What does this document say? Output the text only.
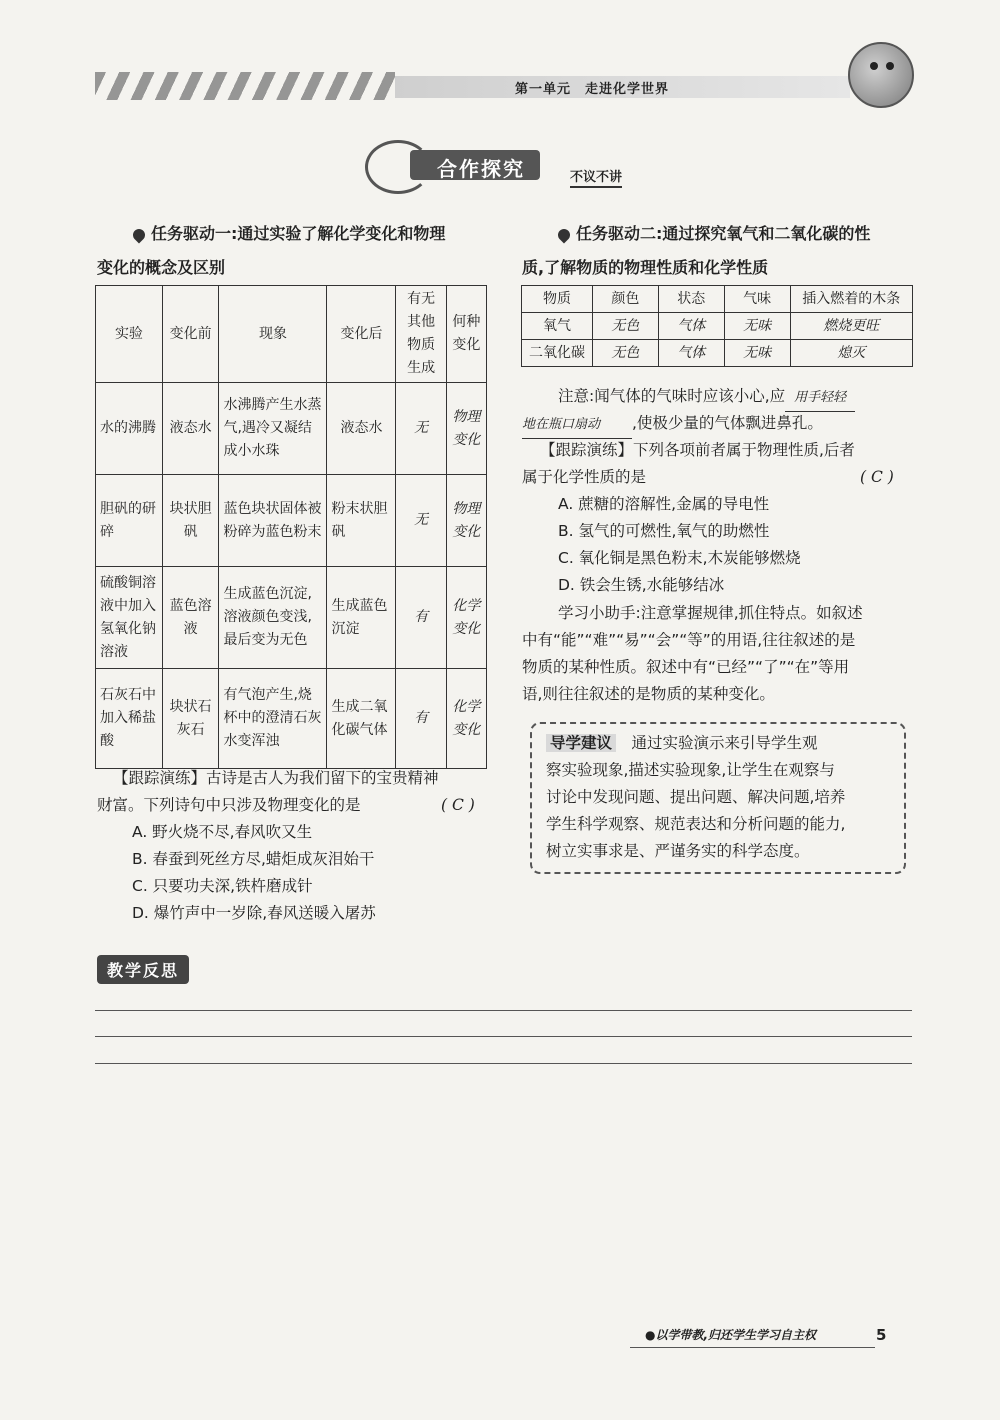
第一单元　走进化学世界
合作探究	不议不讲
任务驱动一:通过实验了解化学变化和物理
变化的概念及区别
实验	变化前	现象	变化后	有无其他物质生成	何种变化
水的沸腾	液态水	水沸腾产生水蒸气,遇冷又凝结成小水珠	液态水	无	物理变化
胆矾的研碎	块状胆矾	蓝色块状固体被粉碎为蓝色粉末	粉末状胆矾	无	物理变化
硫酸铜溶液中加入氢氧化钠溶液	蓝色溶液	生成蓝色沉淀,溶液颜色变浅,最后变为无色	生成蓝色沉淀	有	化学变化
石灰石中加入稀盐酸	块状石灰石	有气泡产生,烧杯中的澄清石灰水变浑浊	生成二氧化碳气体	有	化学变化
【跟踪演练】古诗是古人为我们留下的宝贵精神
财富。下列诗句中只涉及物理变化的是	( C )
A. 野火烧不尽,春风吹又生
B. 春蚕到死丝方尽,蜡炬成灰泪始干
C. 只要功夫深,铁杵磨成针
D. 爆竹声中一岁除,春风送暖入屠苏
任务驱动二:通过探究氧气和二氧化碳的性
质,了解物质的物理性质和化学性质
物质	颜色	状态	气味	插入燃着的木条
氧气	无色	气体	无味	燃烧更旺
二氧化碳	无色	气体	无味	熄灭
注意:闻气体的气味时应该小心,应 用手轻轻
地在瓶口扇动 ,使极少量的气体飘进鼻孔。
【跟踪演练】下列各项前者属于物理性质,后者
属于化学性质的是	( C )
A. 蔗糖的溶解性,金属的导电性
B. 氢气的可燃性,氧气的助燃性
C. 氧化铜是黑色粉末,木炭能够燃烧
D. 铁会生锈,水能够结冰
学习小助手:注意掌握规律,抓住特点。如叙述
中有“能”“难”“易”“会”“等”的用语,往往叙述的是
物质的某种性质。叙述中有“已经”“了”“在”等用
语,则往往叙述的是物质的某种变化。
导学建议　 通过实验演示来引导学生观
察实验现象,描述实验现象,让学生在观察与
讨论中发现问题、提出问题、解决问题,培养
学生科学观察、规范表达和分析问题的能力,
树立实事求是、严谨务实的科学态度。
教学反思
●以学带教,归还学生学习自主权	5
